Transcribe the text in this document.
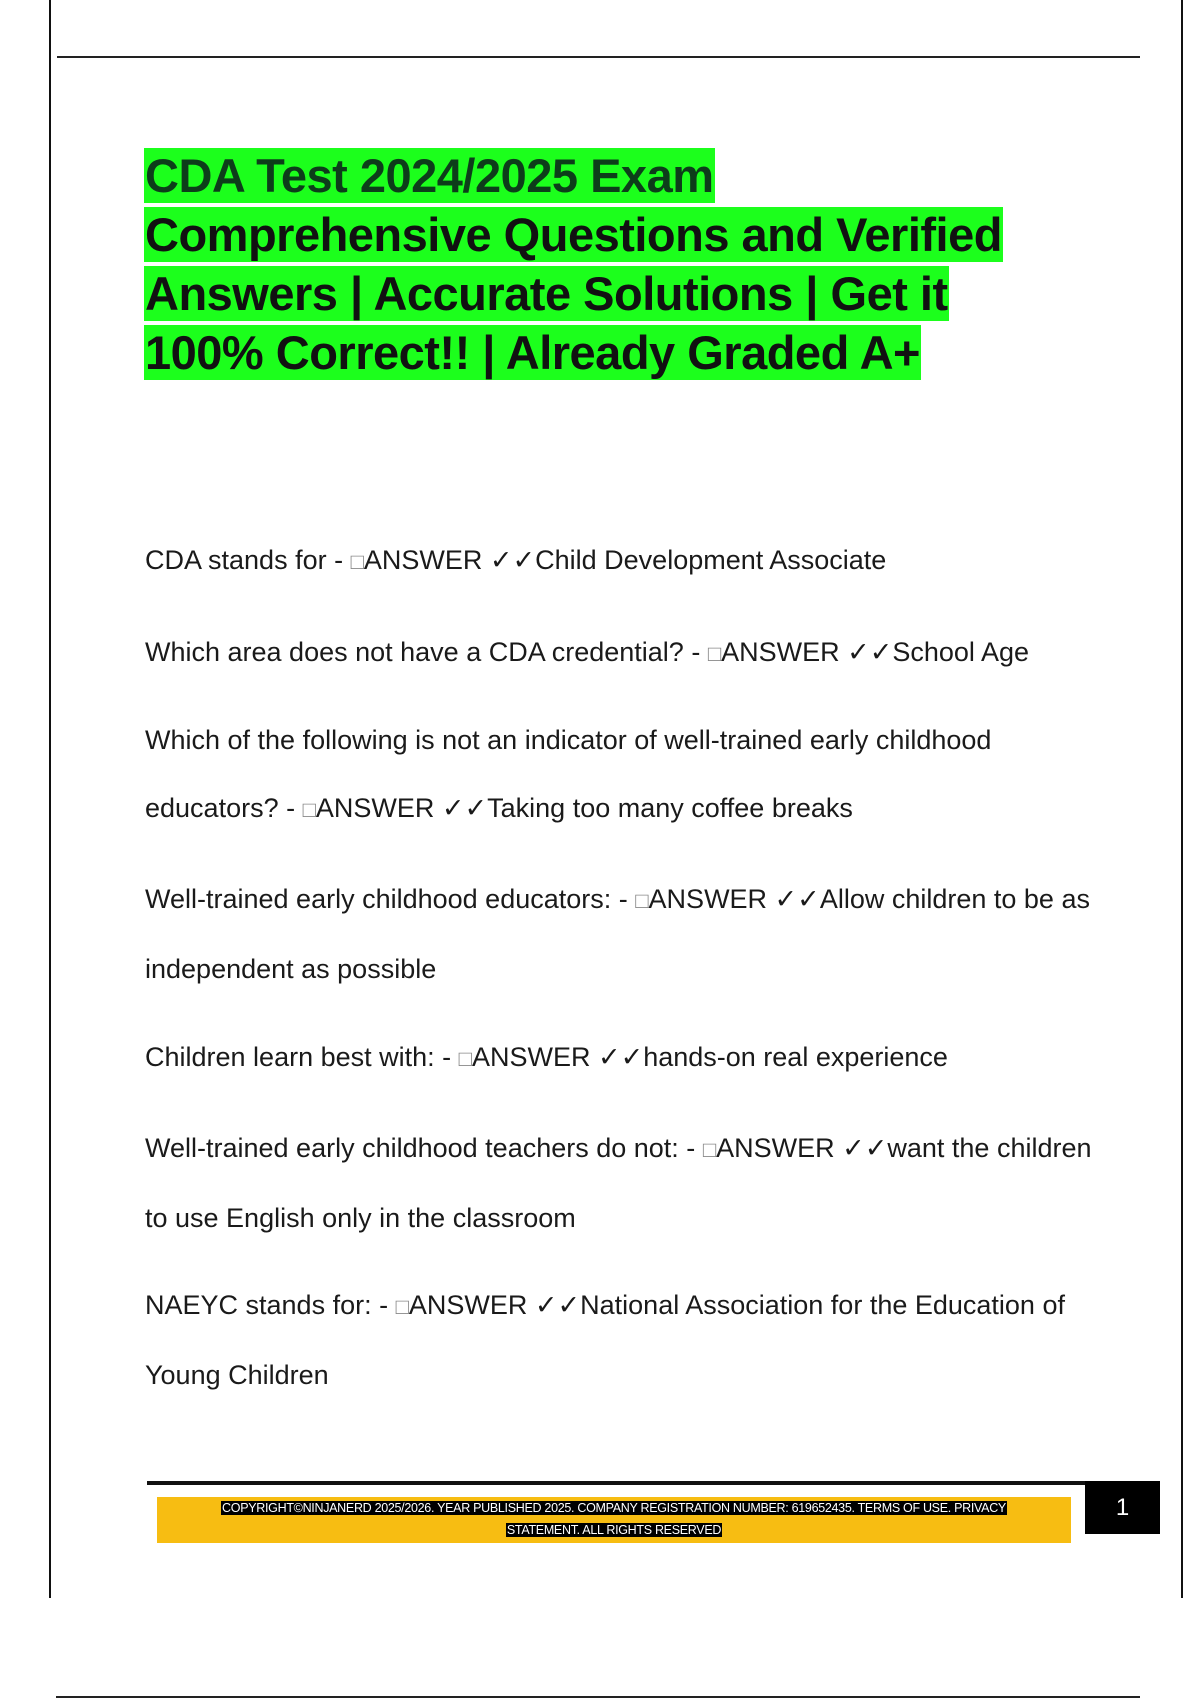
CDA Test 2024/2025 Exam
Comprehensive Questions and Verified
Answers | Accurate Solutions | Get it
100% Correct!! | Already Graded A+
CDA stands for - □ANSWER ✓✓Child Development Associate
Which area does not have a CDA credential? - □ANSWER ✓✓School Age
Which of the following is not an indicator of well-trained early childhood educators? - □ANSWER ✓✓Taking too many coffee breaks
Well-trained early childhood educators: - □ANSWER ✓✓Allow children to be as independent as possible
Children learn best with: - □ANSWER ✓✓hands-on real experience
Well-trained early childhood teachers do not: - □ANSWER ✓✓want the children to use English only in the classroom
NAEYC stands for: - □ANSWER ✓✓National Association for the Education of Young Children
COPYRIGHT©NINJANERD 2025/2026. YEAR PUBLISHED 2025. COMPANY REGISTRATION NUMBER: 619652435. TERMS OF USE. PRIVACY
STATEMENT. ALL RIGHTS RESERVED
1
